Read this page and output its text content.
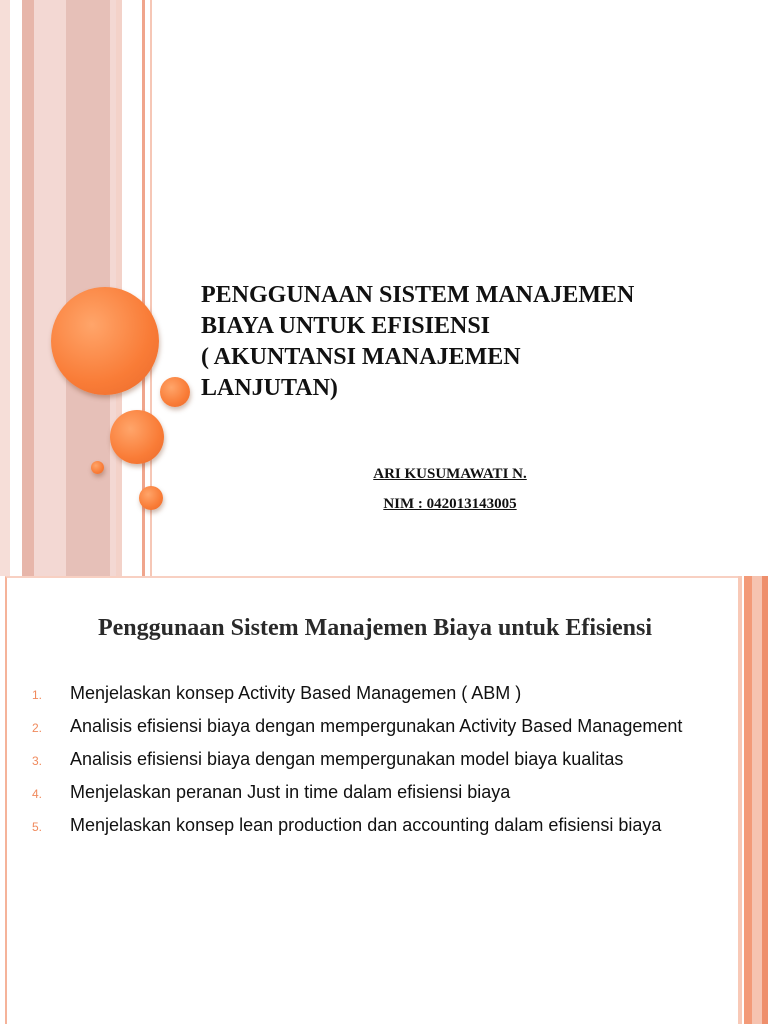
PENGGUNAAN SISTEM MANAJEMEN
BIAYA UNTUK EFISIENSI
( AKUNTANSI MANAJEMEN
LANJUTAN)

ARI KUSUMAWATI N.

NIM : 042013143005

Penggunaan Sistem Manajemen Biaya untuk Efisiensi
1. Menjelaskan konsep Activity Based Managemen ( ABM )
2. Analisis efisiensi biaya dengan mempergunakan Activity Based Management
3. Analisis efisiensi biaya dengan mempergunakan model biaya kualitas
4. Menjelaskan peranan Just in time dalam efisiensi biaya
5. Menjelaskan konsep lean production dan accounting dalam efisiensi biaya
